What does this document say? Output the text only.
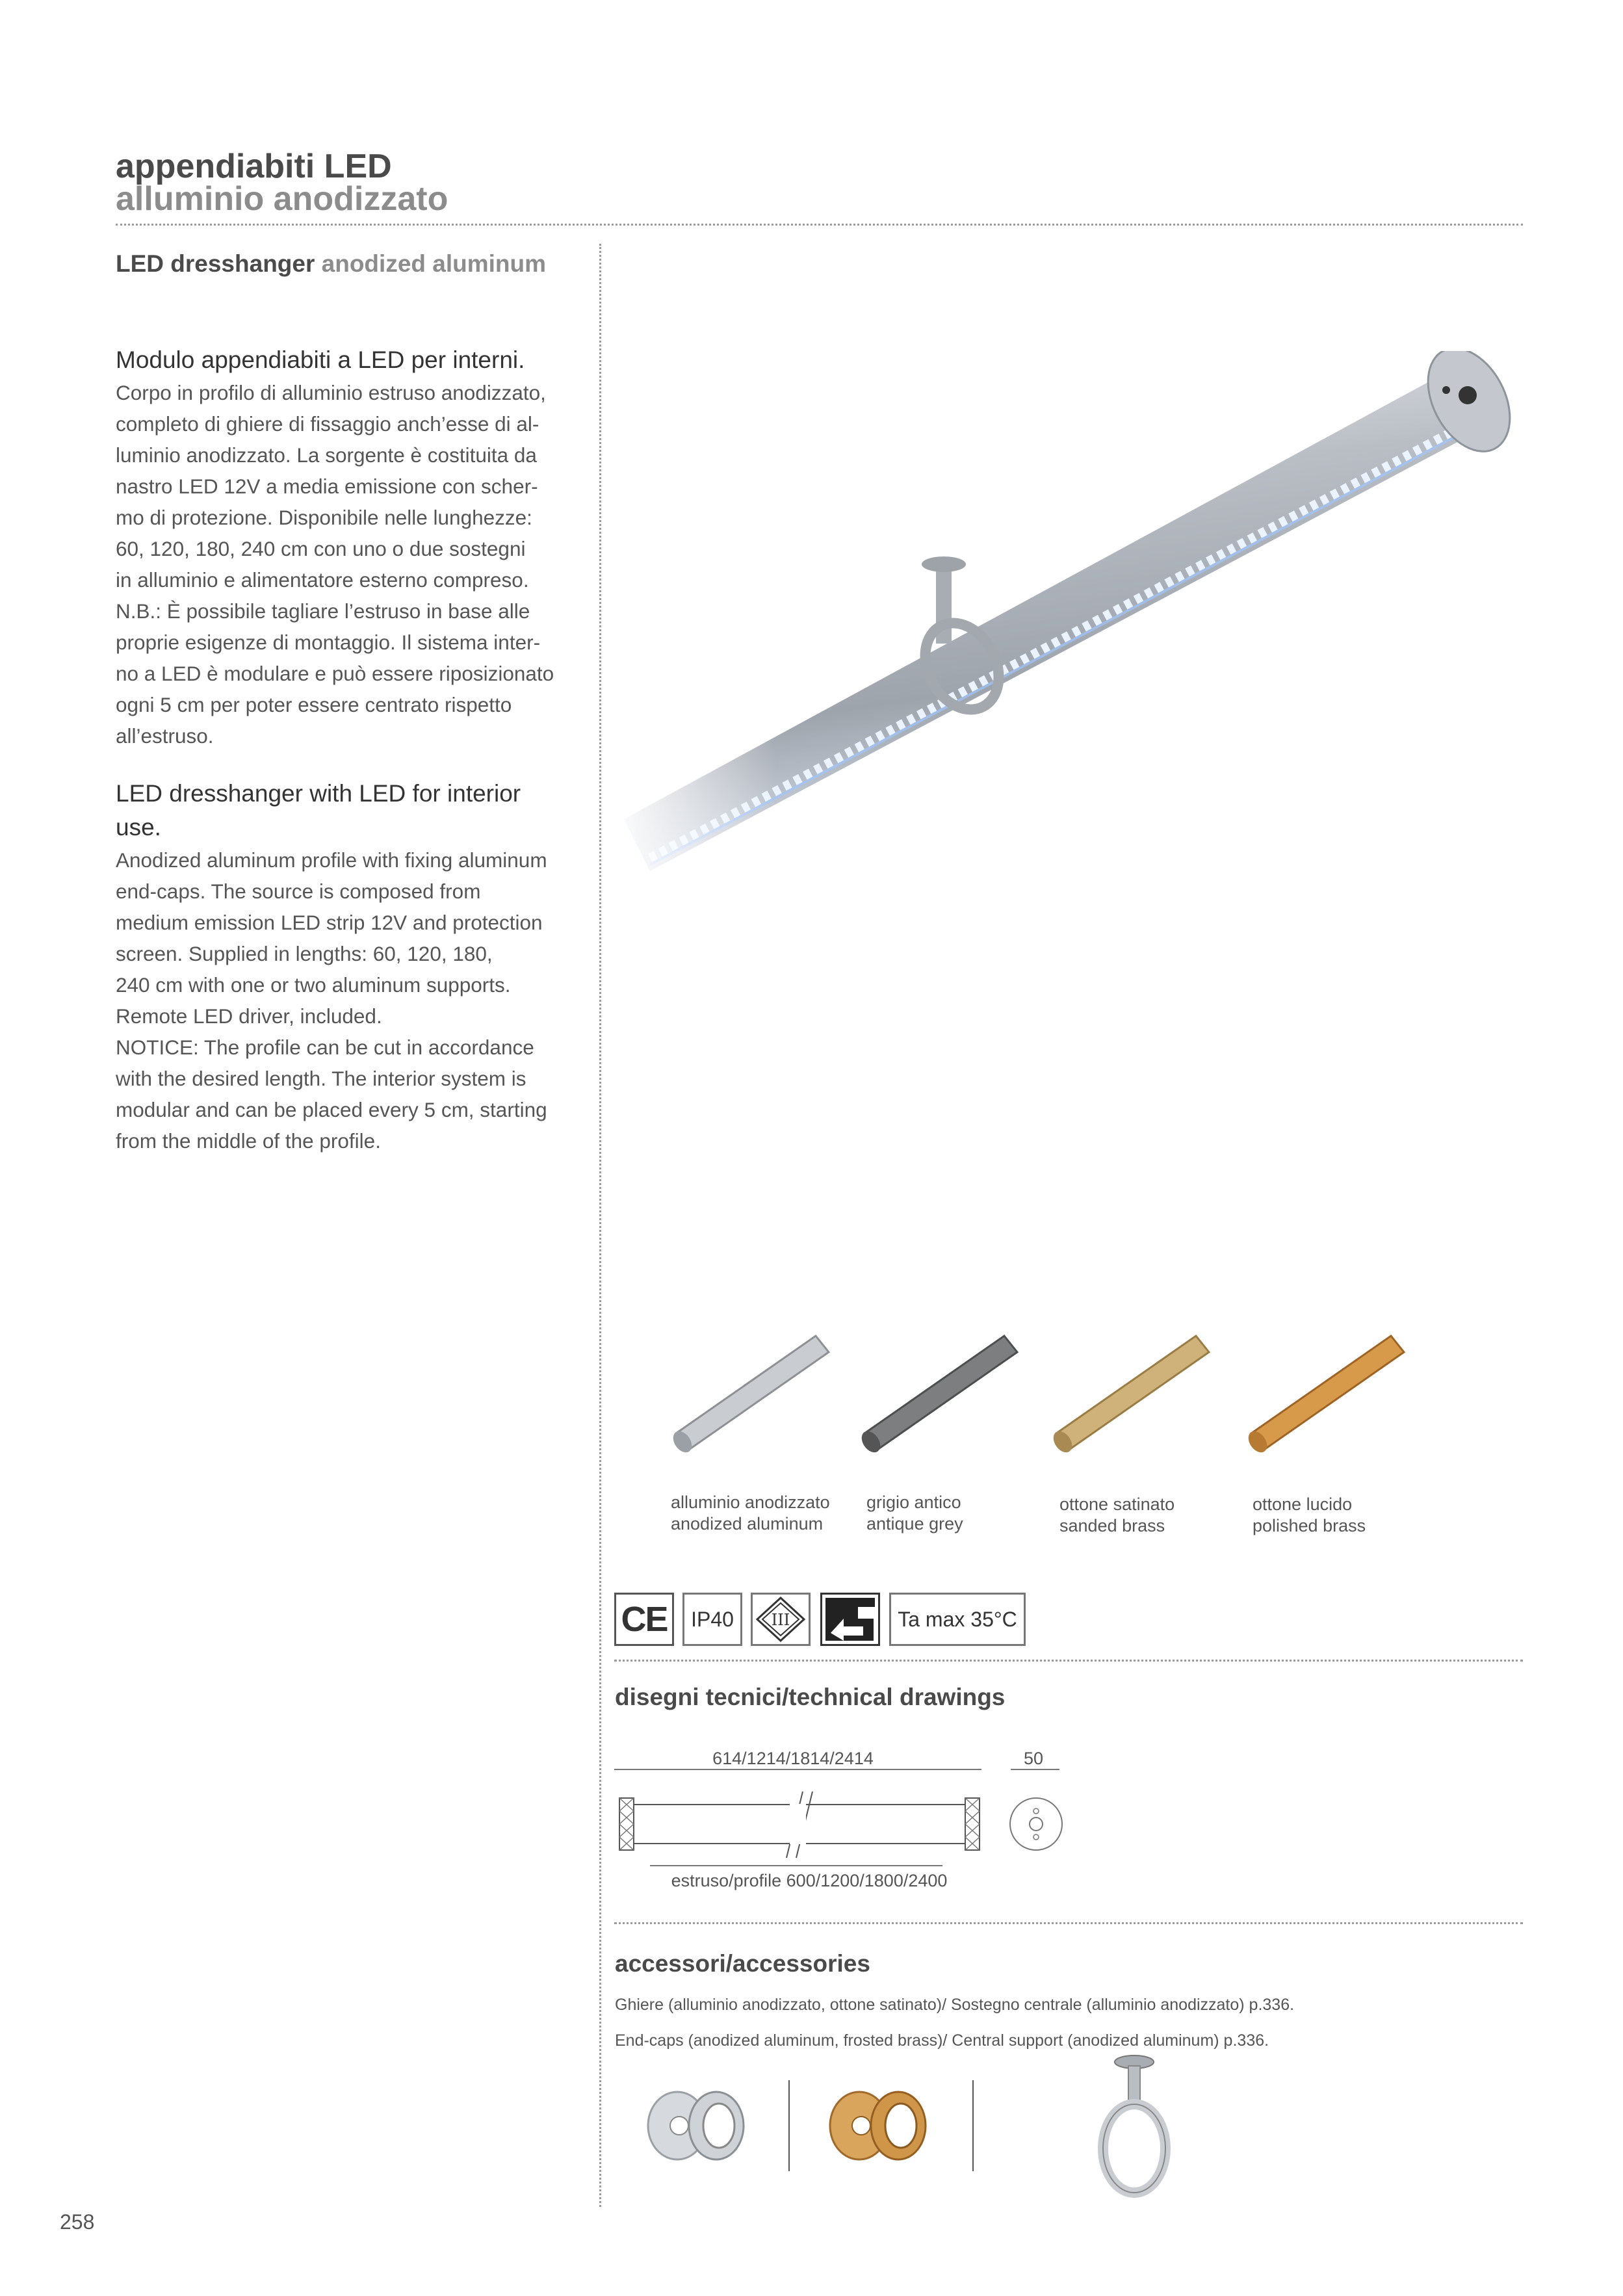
appendiabiti LED
alluminio anodizzato
LED dresshanger anodized aluminum
Modulo appendiabiti a LED per interni.
Corpo in profilo di alluminio estruso anodizzato,
completo di ghiere di fissaggio anch’esse di al-
luminio anodizzato. La sorgente è costituita da
nastro LED 12V a media emissione con scher-
mo di protezione. Disponibile nelle lunghezze:
60, 120, 180, 240 cm con uno o due sostegni
in alluminio e alimentatore esterno compreso.
N.B.: È possibile tagliare l’estruso in base alle
proprie esigenze di montaggio. Il sistema inter-
no a LED è modulare e può essere riposizionato
ogni 5 cm per poter essere centrato rispetto
all’estruso.
LED dresshanger with LED for interior use.
Anodized aluminum profile with fixing aluminum
end-caps. The source is composed from
medium emission LED strip 12V and protection
screen. Supplied in lengths: 60, 120, 180,
240 cm with one or two aluminum supports.
Remote LED driver, included.
NOTICE: The profile can be cut in accordance
with the desired length. The interior system is
modular and can be placed every 5 cm, starting
from the middle of the profile.
alluminio anodizzato
anodized aluminum
grigio antico
antique grey
ottone satinato
sanded brass
ottone lucido
polished brass
CE IP40 III	Ta max 35°C
disegni tecnici/technical drawings
614/1214/1814/2414	50
estruso/profile 600/1200/1800/2400
accessori/accessories
Ghiere (alluminio anodizzato, ottone satinato)/ Sostegno centrale (alluminio anodizzato) p.336.
End-caps (anodized aluminum, frosted brass)/ Central support (anodized aluminum) p.336.
258
